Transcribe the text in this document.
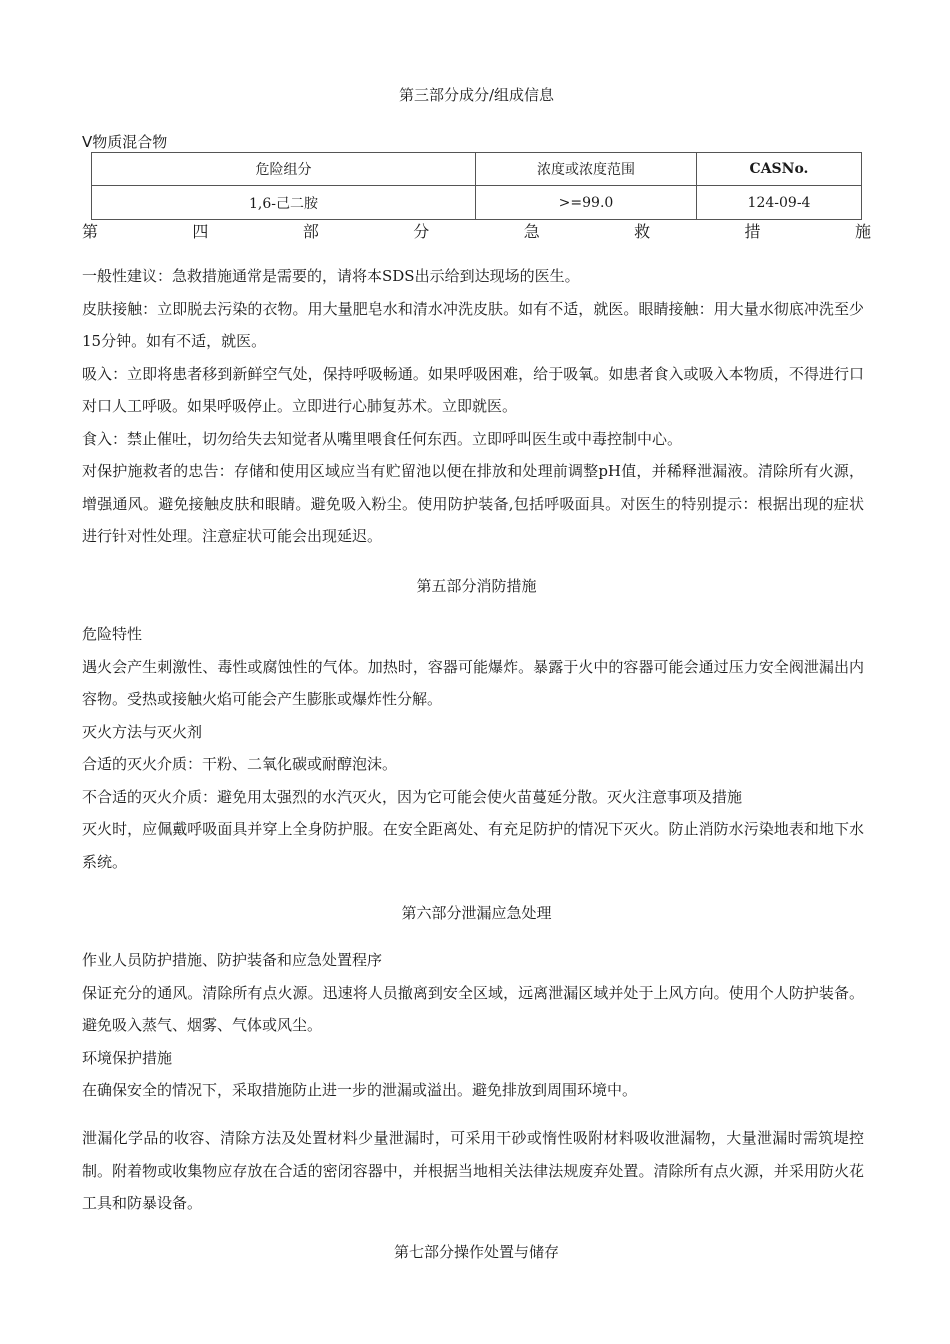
第三部分成分/组成信息
V物质混合物
危险组分	浓度或浓度范围	CASNo.
1,6-己二胺	>=99.0	124-09-4
第	四	部	分	急	救	措	施

一般性建议：急救措施通常是需要的，请将本SDS出示给到达现场的医生。

皮肤接触：立即脱去污染的衣物。用大量肥皂水和清水冲洗皮肤。如有不适，就医。眼睛接触：用大量水彻底冲洗至少15分钟。如有不适，就医。

吸入：立即将患者移到新鲜空气处，保持呼吸畅通。如果呼吸困难，给于吸氧。如患者食入或吸入本物质，不得进行口对口人工呼吸。如果呼吸停止。立即进行心肺复苏术。立即就医。

食入：禁止催吐，切勿给失去知觉者从嘴里喂食任何东西。立即呼叫医生或中毒控制中心。

对保护施救者的忠告：存储和使用区域应当有贮留池以便在排放和处理前调整pH值，并稀释泄漏液。清除所有火源，增强通风。避免接触皮肤和眼睛。避免吸入粉尘。使用防护装备,包括呼吸面具。对医生的特别提示：根据出现的症状进行针对性处理。注意症状可能会出现延迟。

第五部分消防措施

危险特性

遇火会产生刺激性、毒性或腐蚀性的气体。加热时，容器可能爆炸。暴露于火中的容器可能会通过压力安全阀泄漏出内容物。受热或接触火焰可能会产生膨胀或爆炸性分解。

灭火方法与灭火剂

合适的灭火介质：干粉、二氧化碳或耐醇泡沫。

不合适的灭火介质：避免用太强烈的水汽灭火，因为它可能会使火苗蔓延分散。灭火注意事项及措施

灭火时，应佩戴呼吸面具并穿上全身防护服。在安全距离处、有充足防护的情况下灭火。防止消防水污染地表和地下水系统。

第六部分泄漏应急处理

作业人员防护措施、防护装备和应急处置程序

保证充分的通风。清除所有点火源。迅速将人员撤离到安全区域，远离泄漏区域并处于上风方向。使用个人防护装备。避免吸入蒸气、烟雾、气体或风尘。

环境保护措施

在确保安全的情况下，采取措施防止进一步的泄漏或溢出。避免排放到周围环境中。

泄漏化学品的收容、清除方法及处置材料少量泄漏时，可采用干砂或惰性吸附材料吸收泄漏物，大量泄漏时需筑堤控制。附着物或收集物应存放在合适的密闭容器中，并根据当地相关法律法规废弃处置。清除所有点火源，并采用防火花工具和防暴设备。

第七部分操作处置与储存
